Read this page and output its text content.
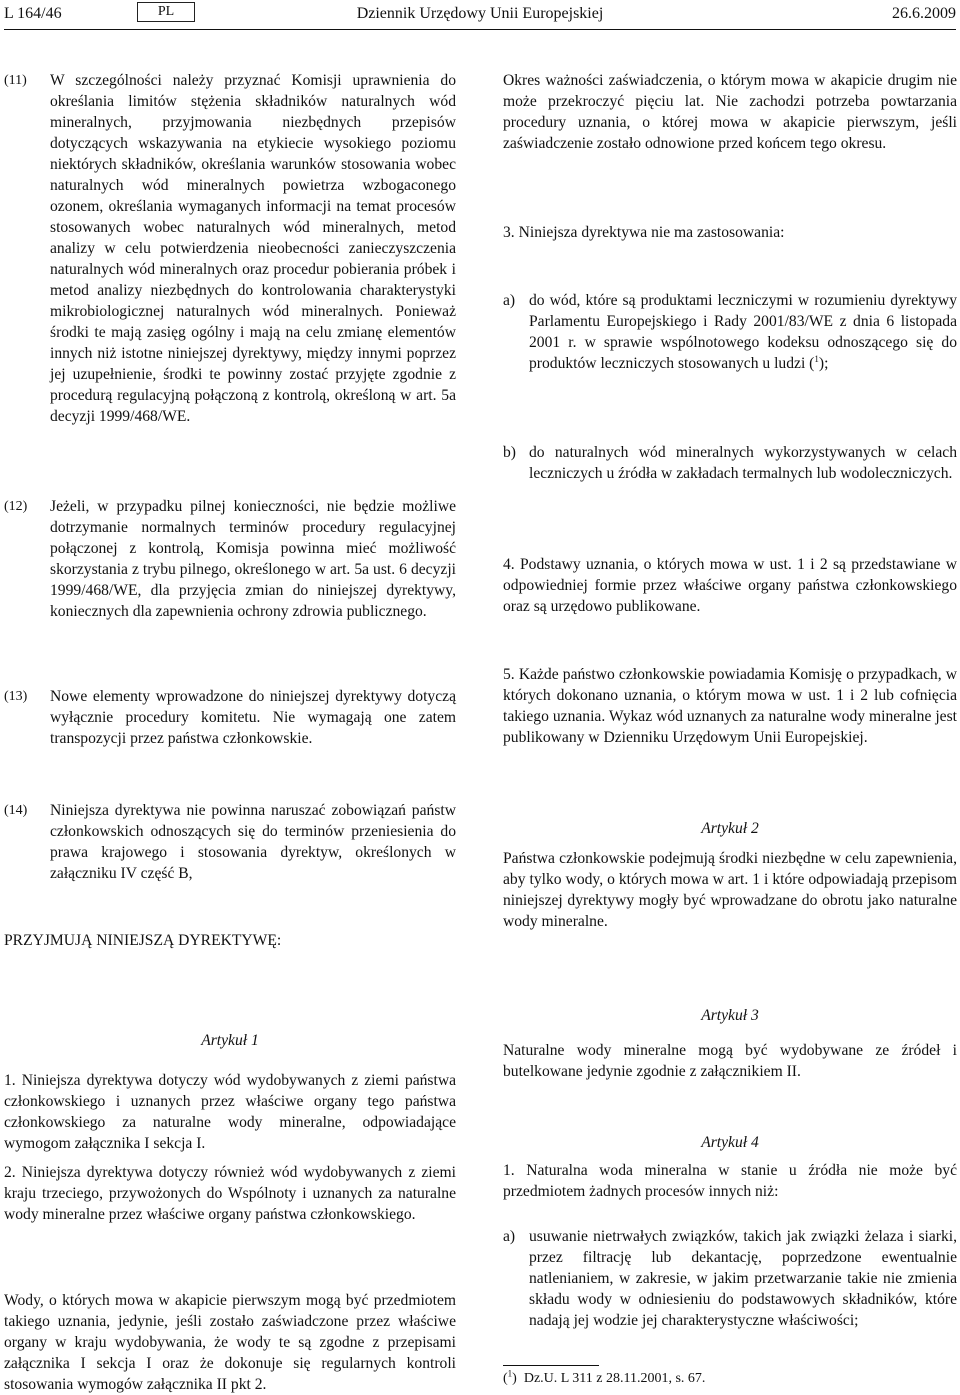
L 164/46	PL	Dziennik Urzędowy Unii Europejskiej	26.6.2009
(11)	W szczególności należy przyznać Komisji uprawnienia do określania limitów stężenia składników naturalnych wód mineralnych, przyjmowania niezbędnych przepisów dotyczących wskazywania na etykiecie wysokiego poziomu niektórych składników, określania warunków stosowania wobec naturalnych wód mineralnych powietrza wzbogaconego ozonem, określania wymaganych informacji na temat procesów stosowanych wobec naturalnych wód mineralnych, metod analizy w celu potwierdzenia nieobecności zanieczyszczenia naturalnych wód mineralnych oraz procedur pobierania próbek i metod analizy niezbędnych do kontrolowania charakterystyki mikrobiologicznej naturalnych wód mineralnych. Ponieważ środki te mają zasięg ogólny i mają na celu zmianę elementów innych niż istotne niniejszej dyrektywy, między innymi poprzez jej uzupełnienie, środki te powinny zostać przyjęte zgodnie z procedurą regulacyjną połączoną z kontrolą, określoną w art. 5a decyzji 1999/468/WE.

(12)	Jeżeli, w przypadku pilnej konieczności, nie będzie możliwe dotrzymanie normalnych terminów procedury regulacyjnej połączonej z kontrolą, Komisja powinna mieć możliwość skorzystania z trybu pilnego, określonego w art. 5a ust. 6 decyzji 1999/468/WE, dla przyjęcia zmian do niniejszej dyrektywy, koniecznych dla zapewnienia ochrony zdrowia publicznego.

(13)	Nowe elementy wprowadzone do niniejszej dyrektywy dotyczą wyłącznie procedury komitetu. Nie wymagają one zatem transpozycji przez państwa członkowskie.

(14)	Niniejsza dyrektywa nie powinna naruszać zobowiązań państw członkowskich odnoszących się do terminów przeniesienia do prawa krajowego i stosowania dyrektyw, określonych w załączniku IV część B,

PRZYJMUJĄ NINIEJSZĄ DYREKTYWĘ:

Artykuł 1

1. Niniejsza dyrektywa dotyczy wód wydobywanych z ziemi państwa członkowskiego i uznanych przez właściwe organy tego państwa członkowskiego za naturalne wody mineralne, odpowiadające wymogom załącznika I sekcja I.

2. Niniejsza dyrektywa dotyczy również wód wydobywanych z ziemi kraju trzeciego, przywożonych do Wspólnoty i uznanych za naturalne wody mineralne przez właściwe organy państwa członkowskiego.

Wody, o których mowa w akapicie pierwszym mogą być przedmiotem takiego uznania, jedynie, jeśli zostało zaświadczone przez właściwe organy w kraju wydobywania, że wody te są zgodne z przepisami załącznika I sekcja I oraz że dokonuje się regularnych kontroli stosowania wymogów załącznika II pkt 2.

Okres ważności zaświadczenia, o którym mowa w akapicie drugim nie może przekroczyć pięciu lat. Nie zachodzi potrzeba powtarzania procedury uznania, o której mowa w akapicie pierwszym, jeśli zaświadczenie zostało odnowione przed końcem tego okresu.

3. Niniejsza dyrektywa nie ma zastosowania:

a) do wód, które są produktami leczniczymi w rozumieniu dyrektywy Parlamentu Europejskiego i Rady 2001/83/WE z dnia 6 listopada 2001 r. w sprawie wspólnotowego kodeksu odnoszącego się do produktów leczniczych stosowanych u ludzi ($^1$);

b) do naturalnych wód mineralnych wykorzystywanych w celach leczniczych u źródła w zakładach termalnych lub wodoleczniczych.

4. Podstawy uznania, o których mowa w ust. 1 i 2 są przedstawiane w odpowiedniej formie przez właściwe organy państwa członkowskiego oraz są urzędowo publikowane.

5. Każde państwo członkowskie powiadamia Komisję o przypadkach, w których dokonano uznania, o którym mowa w ust. 1 i 2 lub cofnięcia takiego uznania. Wykaz wód uznanych za naturalne wody mineralne jest publikowany w Dzienniku Urzędowym Unii Europejskiej.

Artykuł 2

Państwa członkowskie podejmują środki niezbędne w celu zapewnienia, aby tylko wody, o których mowa w art. 1 i które odpowiadają przepisom niniejszej dyrektywy mogły być wprowadzane do obrotu jako naturalne wody mineralne.

Artykuł 3

Naturalne wody mineralne mogą być wydobywane ze źródeł i butelkowane jedynie zgodnie z załącznikiem II.

Artykuł 4

1. Naturalna woda mineralna w stanie u źródła nie może być przedmiotem żadnych procesów innych niż:

a) usuwanie nietrwałych związków, takich jak związki żelaza i siarki, przez filtrację lub dekantację, poprzedzone ewentualnie natlenianiem, w zakresie, w jakim przetwarzanie takie nie zmienia składu wody w odniesieniu do podstawowych składników, które nadają jej wodzie jej charakterystyczne właściwości;

($^1$)  Dz.U. L 311 z 28.11.2001, s. 67.
